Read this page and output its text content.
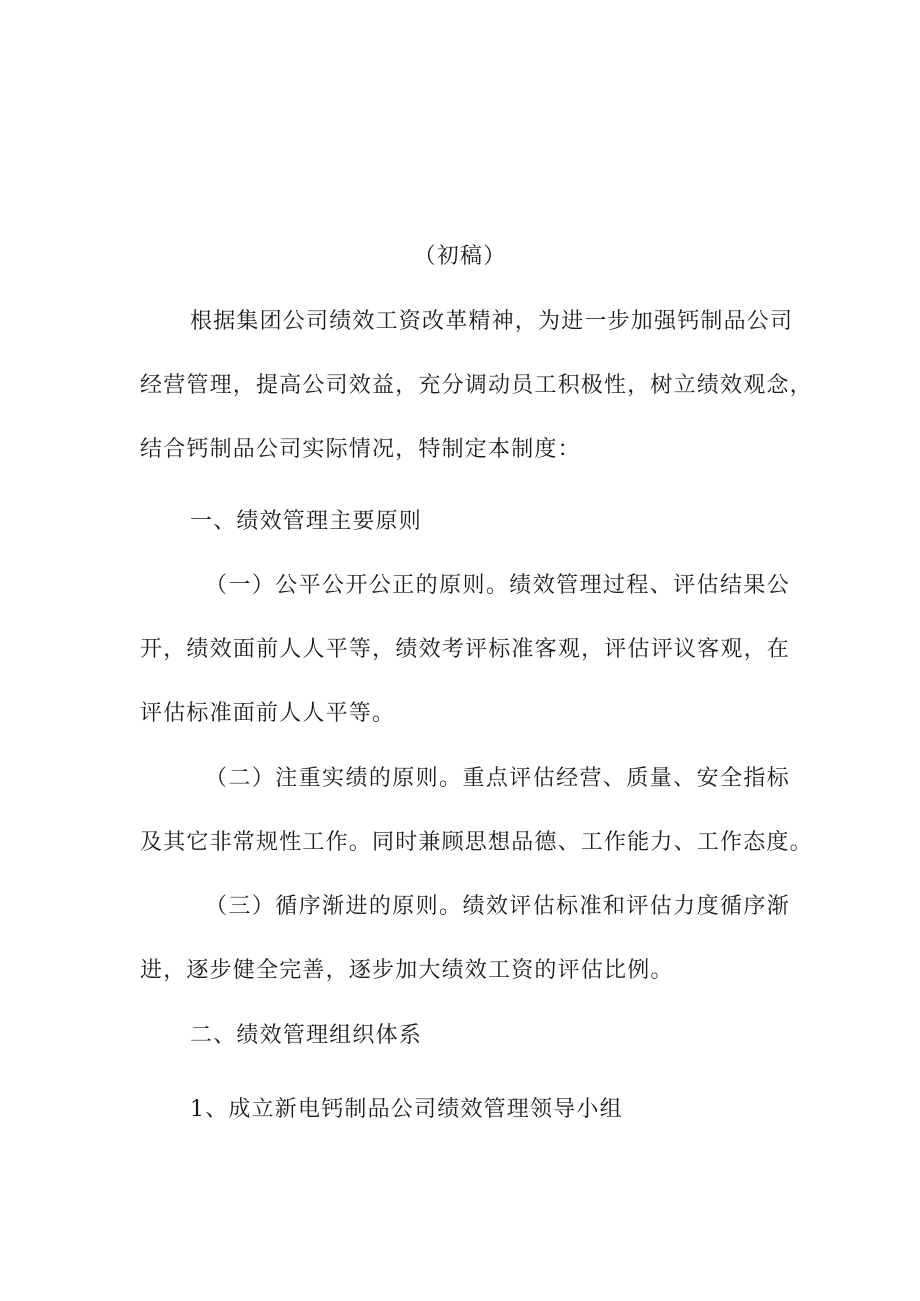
（初稿）
根据集团公司绩效工资改革精神，为进一步加强钙制品公司
经营管理，提高公司效益，充分调动员工积极性，树立绩效观念，
结合钙制品公司实际情况，特制定本制度：
一、绩效管理主要原则
（一）公平公开公正的原则。绩效管理过程、评估结果公
开，绩效面前人人平等，绩效考评标准客观，评估评议客观，在
评估标准面前人人平等。
（二）注重实绩的原则。重点评估经营、质量、安全指标
及其它非常规性工作。同时兼顾思想品德、工作能力、工作态度。
（三）循序渐进的原则。绩效评估标准和评估力度循序渐
进，逐步健全完善，逐步加大绩效工资的评估比例。
二、绩效管理组织体系
1、成立新电钙制品公司绩效管理领导小组
